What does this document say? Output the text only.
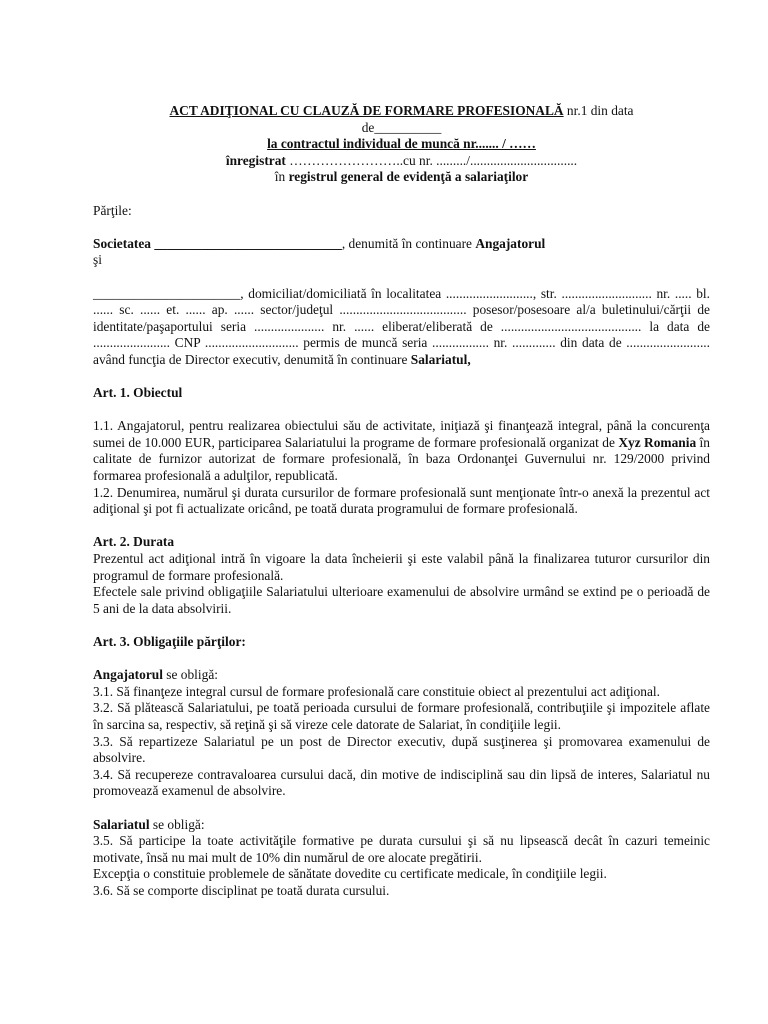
ACT ADIŢIONAL CU CLAUZĂ DE FORMARE PROFESIONALĂ nr.1 din data
de__________
la contractul individual de muncă nr....... / ……
înregistrat ……………………..cu nr. ........./................................
în registrul general de evidenţă a salariaţilor

Părţile:

Societatea ____________________________, denumită în continuare Angajatorul

şi

______________________, domiciliat/domiciliată în localitatea .........................., str. ........................... nr. ..... bl. ...... sc. ...... et. ...... ap. ...... sector/judeţul ...................................... posesor/posesoare al/a buletinului/cărţii de identitate/paşaportului seria ..................... nr. ...... eliberat/eliberată de .......................................... la data de ....................... CNP ............................ permis de muncă seria ................. nr. ............. din data de ......................... având funcţia de Director executiv, denumită în continuare Salariatul,

Art. 1. Obiectul

1.1. Angajatorul, pentru realizarea obiectului său de activitate, iniţiază şi finanţează integral, până la concurenţa sumei de 10.000 EUR, participarea Salariatului la programe de formare profesională organizat de Xyz Romania în calitate de furnizor autorizat de formare profesională, în baza Ordonanţei Guvernului nr. 129/2000 privind formarea profesională a adulţilor, republicată.

1.2. Denumirea, numărul şi durata cursurilor de formare profesională sunt menţionate într-o anexă la prezentul act adiţional şi pot fi actualizate oricând, pe toată durata programului de formare profesională.

Art. 2. Durata

Prezentul act adiţional intră în vigoare la data încheierii şi este valabil până la finalizarea tuturor cursurilor din programul de formare profesională.

Efectele sale privind obligaţiile Salariatului ulterioare examenului de absolvire urmând se extind pe o perioadă de 5 ani de la data absolvirii.

Art. 3. Obligaţiile părţilor:

Angajatorul se obligă:

3.1. Să finanţeze integral cursul de formare profesională care constituie obiect al prezentului act adiţional.

3.2. Să plătească Salariatului, pe toată perioada cursului de formare profesională, contribuţiile şi impozitele aflate în sarcina sa, respectiv, să reţină şi să vireze cele datorate de Salariat, în condiţiile legii.

3.3. Să repartizeze Salariatul pe un post de Director executiv, după susţinerea şi promovarea examenului de absolvire.

3.4. Să recupereze contravaloarea cursului dacă, din motive de indisciplină sau din lipsă de interes, Salariatul nu promovează examenul de absolvire.

Salariatul se obligă:

3.5. Să participe la toate activităţile formative pe durata cursului şi să nu lipsească decât în cazuri temeinic motivate, însă nu mai mult de 10% din numărul de ore alocate pregătirii.

Excepţia o constituie problemele de sănătate dovedite cu certificate medicale, în condiţiile legii.

3.6. Să se comporte disciplinat pe toată durata cursului.
